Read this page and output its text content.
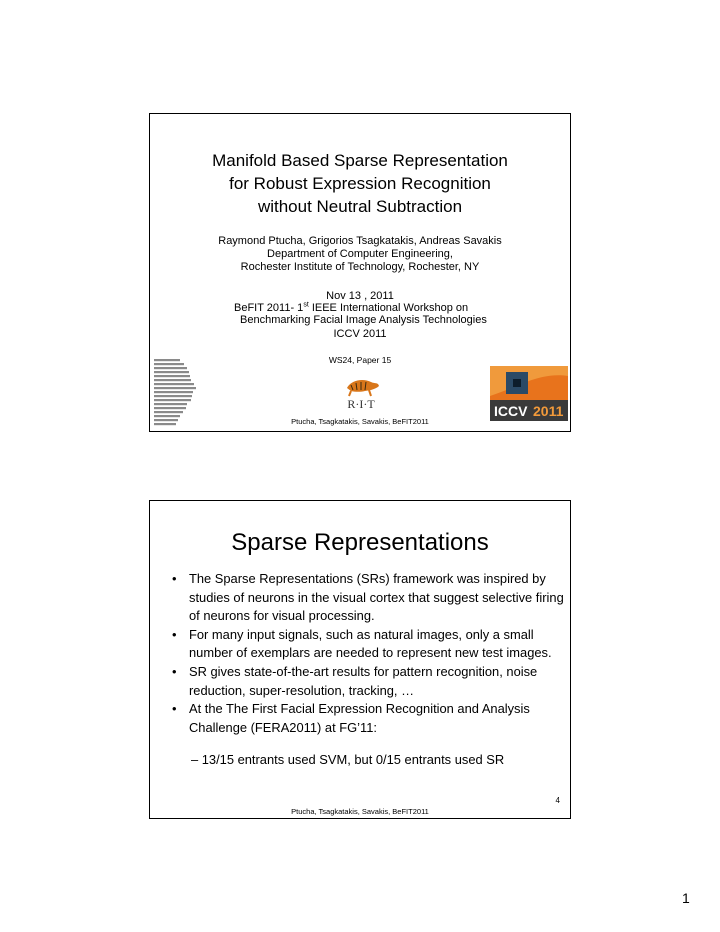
Manifold Based Sparse Representation
for Robust Expression Recognition
without Neutral Subtraction
Raymond Ptucha, Grigorios Tsagkatakis, Andreas Savakis
Department of Computer Engineering,
Rochester Institute of Technology, Rochester, NY
Nov 13 , 2011
BeFIT 2011- 1st IEEE International Workshop on
Benchmarking Facial Image Analysis Technologies
ICCV 2011
WS24, Paper 15
R·I·T	ICCV 2011
Ptucha, Tsagkatakis, Savakis, BeFIT2011
Sparse Representations
• The Sparse Representations (SRs) framework was inspired by studies of neurons in the visual cortex that suggest selective firing of neurons for visual processing.
• For many input signals, such as natural images, only a small number of exemplars are needed to represent new test images.
• SR gives state-of-the-art results for pattern recognition, noise reduction, super-resolution, tracking, …
• At the The First Facial Expression Recognition and Analysis Challenge (FERA2011) at FG’11:
– 13/15 entrants used SVM, but 0/15 entrants used SR
4
Ptucha, Tsagkatakis, Savakis, BeFIT2011
1
